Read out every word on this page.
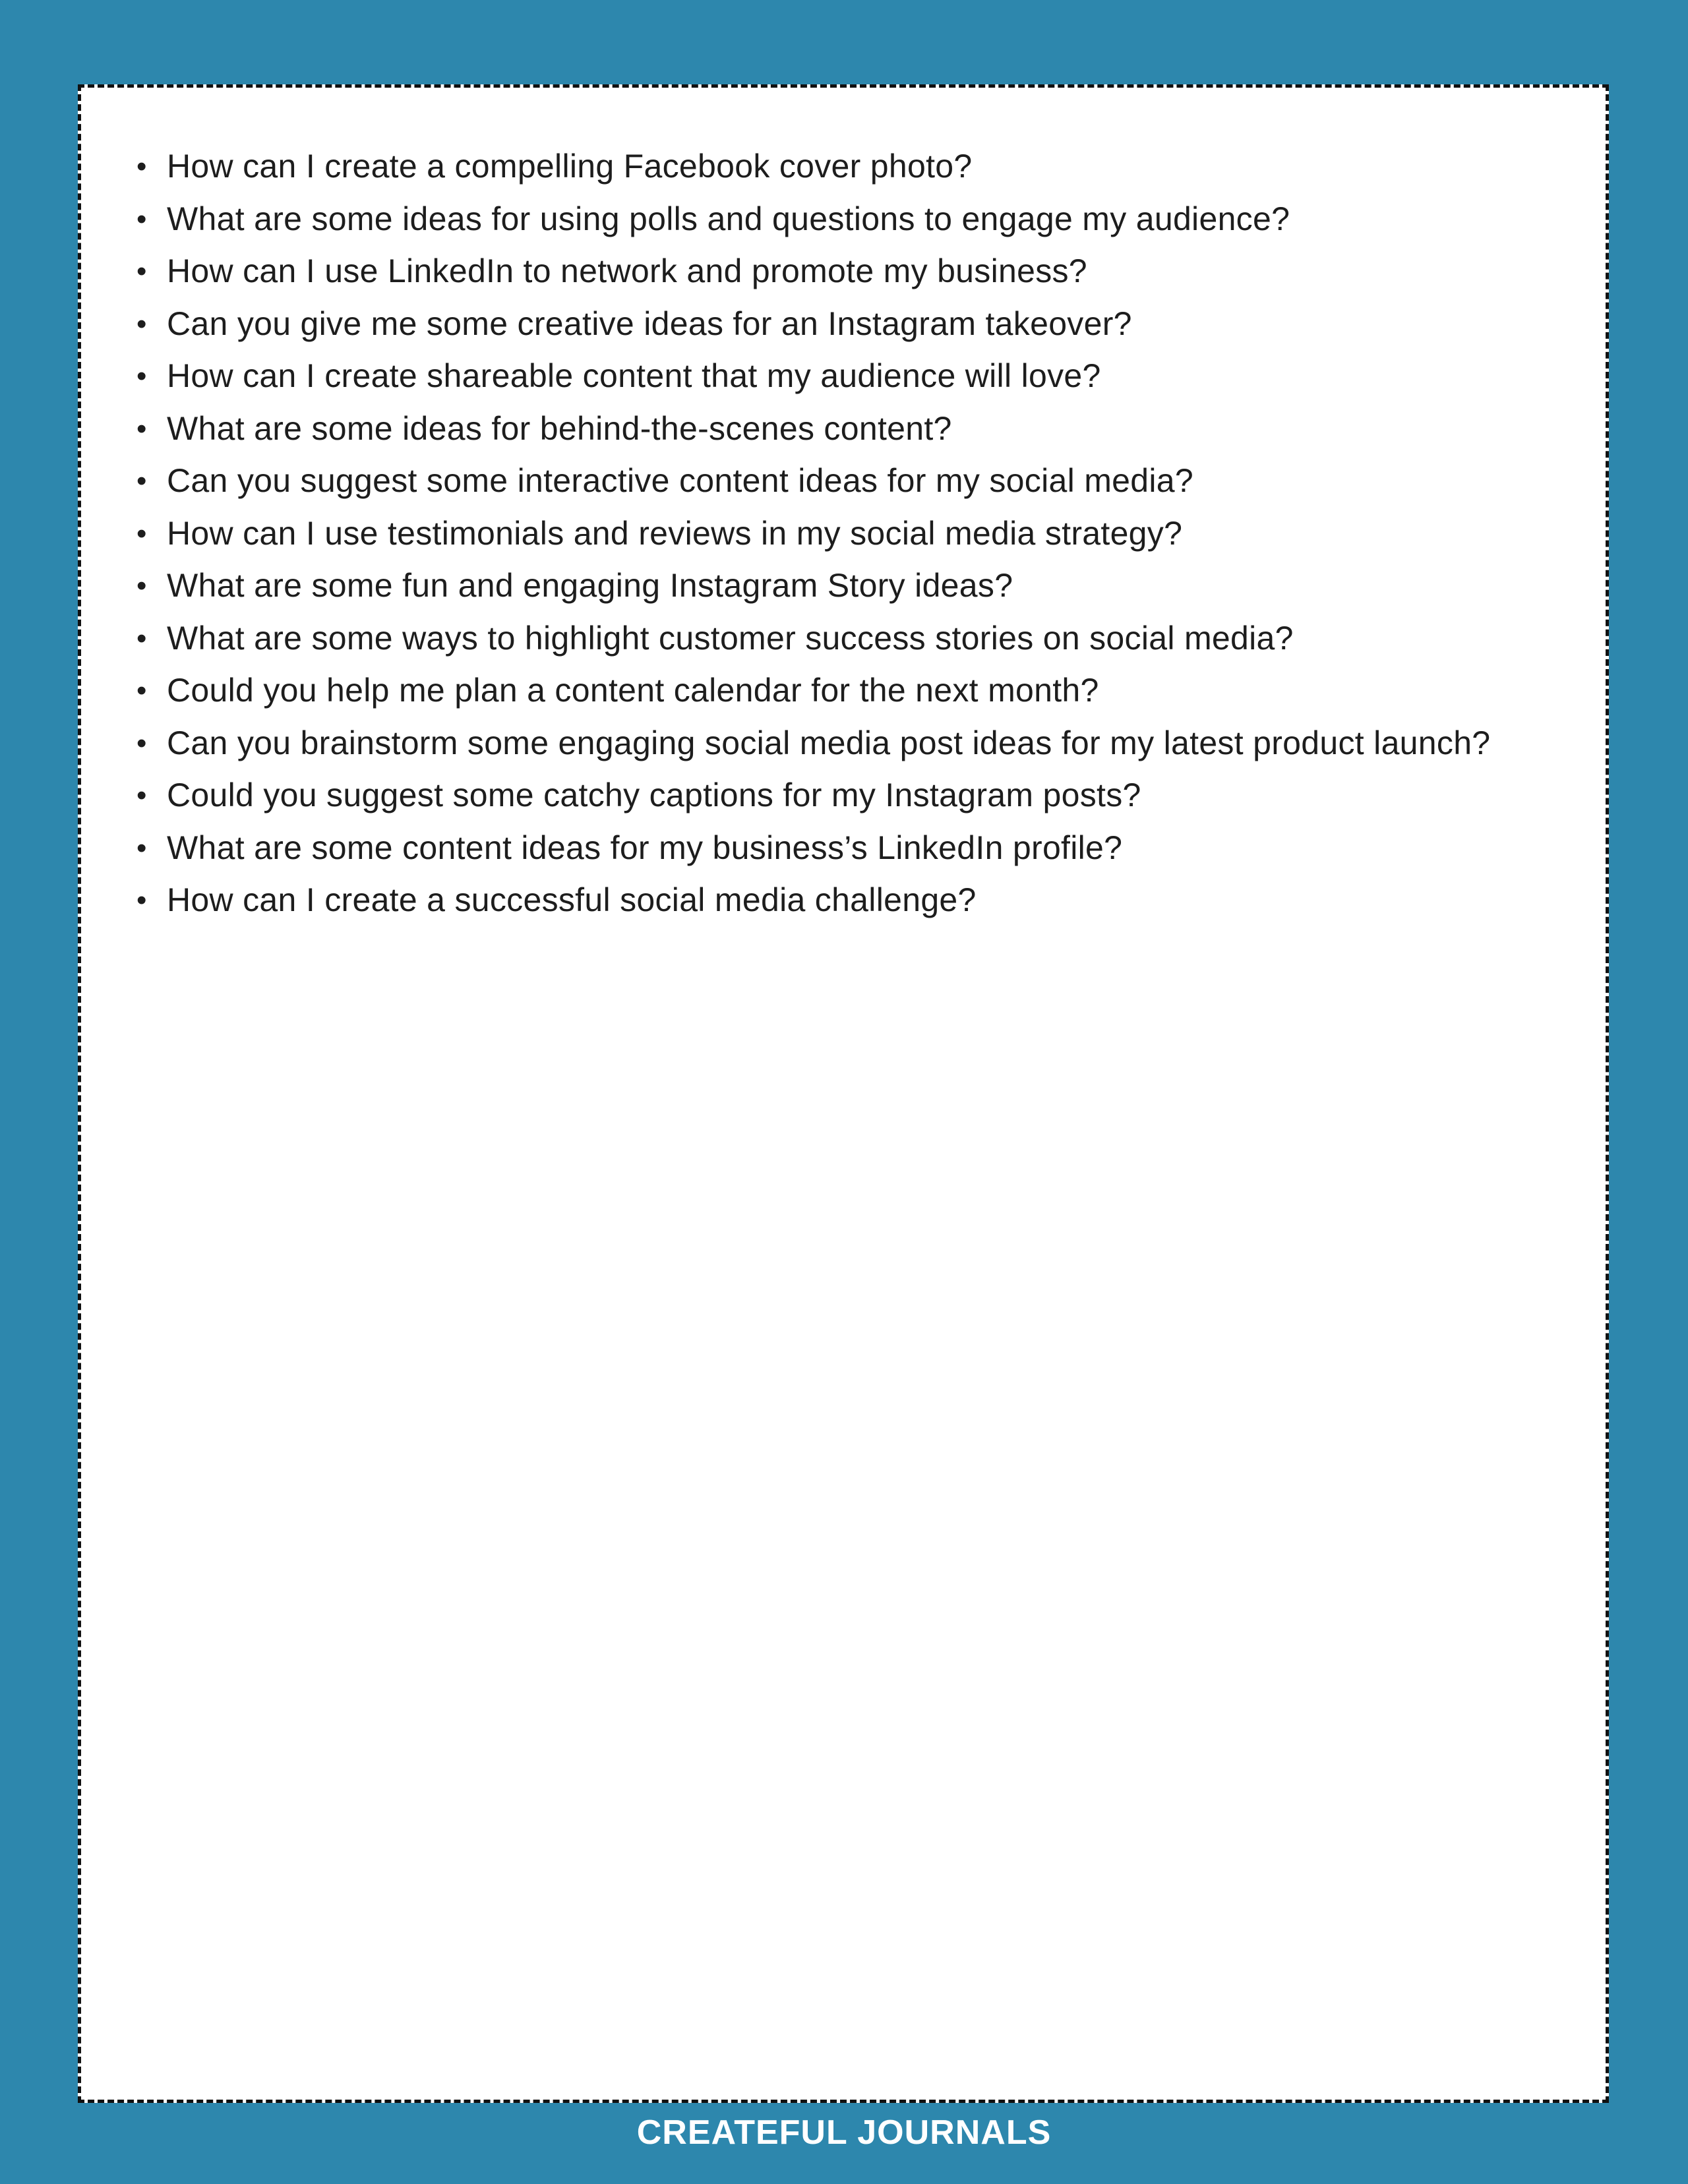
• How can I create a compelling Facebook cover photo?
• What are some ideas for using polls and questions to engage my audience?
• How can I use LinkedIn to network and promote my business?
• Can you give me some creative ideas for an Instagram takeover?
• How can I create shareable content that my audience will love?
• What are some ideas for behind-the-scenes content?
• Can you suggest some interactive content ideas for my social media?
• How can I use testimonials and reviews in my social media strategy?
• What are some fun and engaging Instagram Story ideas?
• What are some ways to highlight customer success stories on social media?
• Could you help me plan a content calendar for the next month?
• Can you brainstorm some engaging social media post ideas for my latest product launch?
• Could you suggest some catchy captions for my Instagram posts?
• What are some content ideas for my business’s LinkedIn profile?
• How can I create a successful social media challenge?
CREATEFUL JOURNALS
